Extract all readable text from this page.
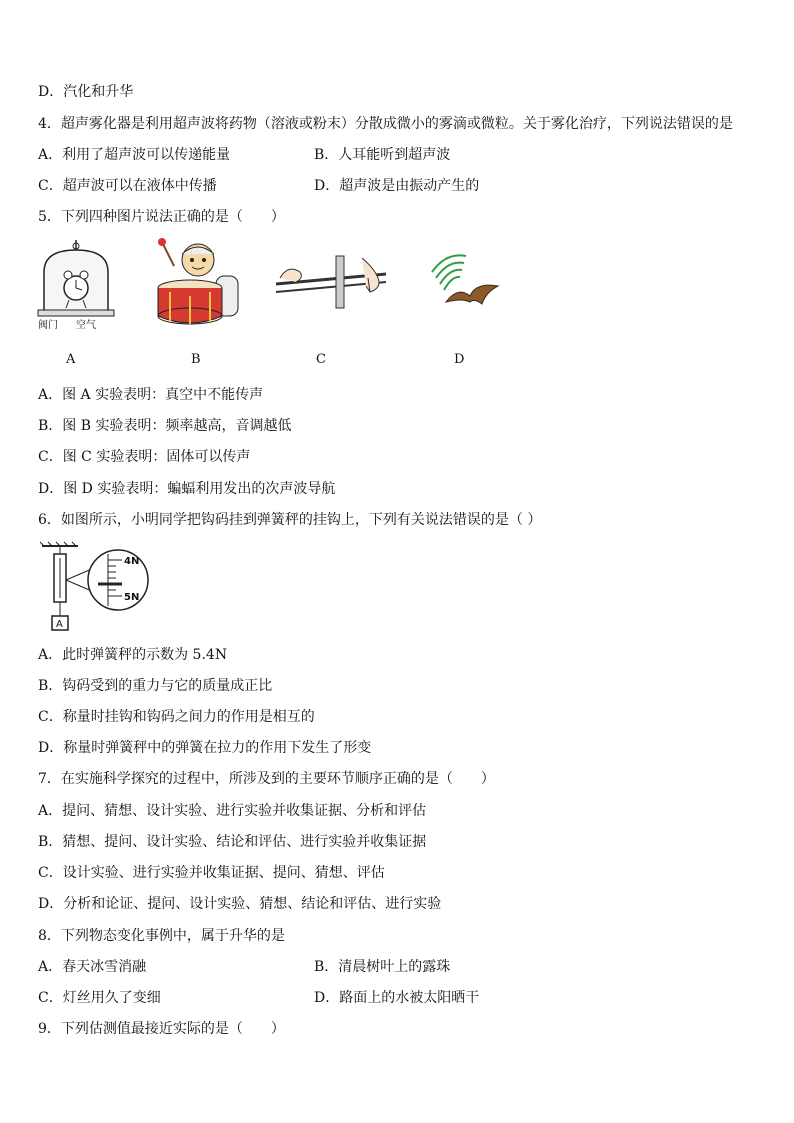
D．汽化和升华
4．超声雾化器是利用超声波将药物（溶液或粉末）分散成微小的雾滴或微粒。关于雾化治疗，下列说法错误的是
A．利用了超声波可以传递能量	B．人耳能听到超声波
C．超声波可以在液体中传播	D．超声波是由振动产生的
5．下列四种图片说法正确的是（　　）
阀门 空气
A	B	C	D
A．图 A 实验表明：真空中不能传声
B．图 B 实验表明：频率越高，音调越低
C．图 C 实验表明：固体可以传声
D．图 D 实验表明：蝙蝠利用发出的次声波导航
6．如图所示，小明同学把钩码挂到弹簧秤的挂钩上，下列有关说法错误的是（ ）
A
4N
5N
A．此时弹簧秤的示数为 5.4N
B．钩码受到的重力与它的质量成正比
C．称量时挂钩和钩码之间力的作用是相互的
D．称量时弹簧秤中的弹簧在拉力的作用下发生了形变
7．在实施科学探究的过程中，所涉及到的主要环节顺序正确的是（　　）
A．提问、猜想、设计实验、进行实验并收集证据、分析和评估
B．猜想、提问、设计实验、结论和评估、进行实验并收集证据
C．设计实验、进行实验并收集证据、提问、猜想、评估
D．分析和论证、提问、设计实验、猜想、结论和评估、进行实验
8．下列物态变化事例中，属于升华的是
A．春天冰雪消融	B．清晨树叶上的露珠
C．灯丝用久了变细	D．路面上的水被太阳晒干
9．下列估测值最接近实际的是（　　）
